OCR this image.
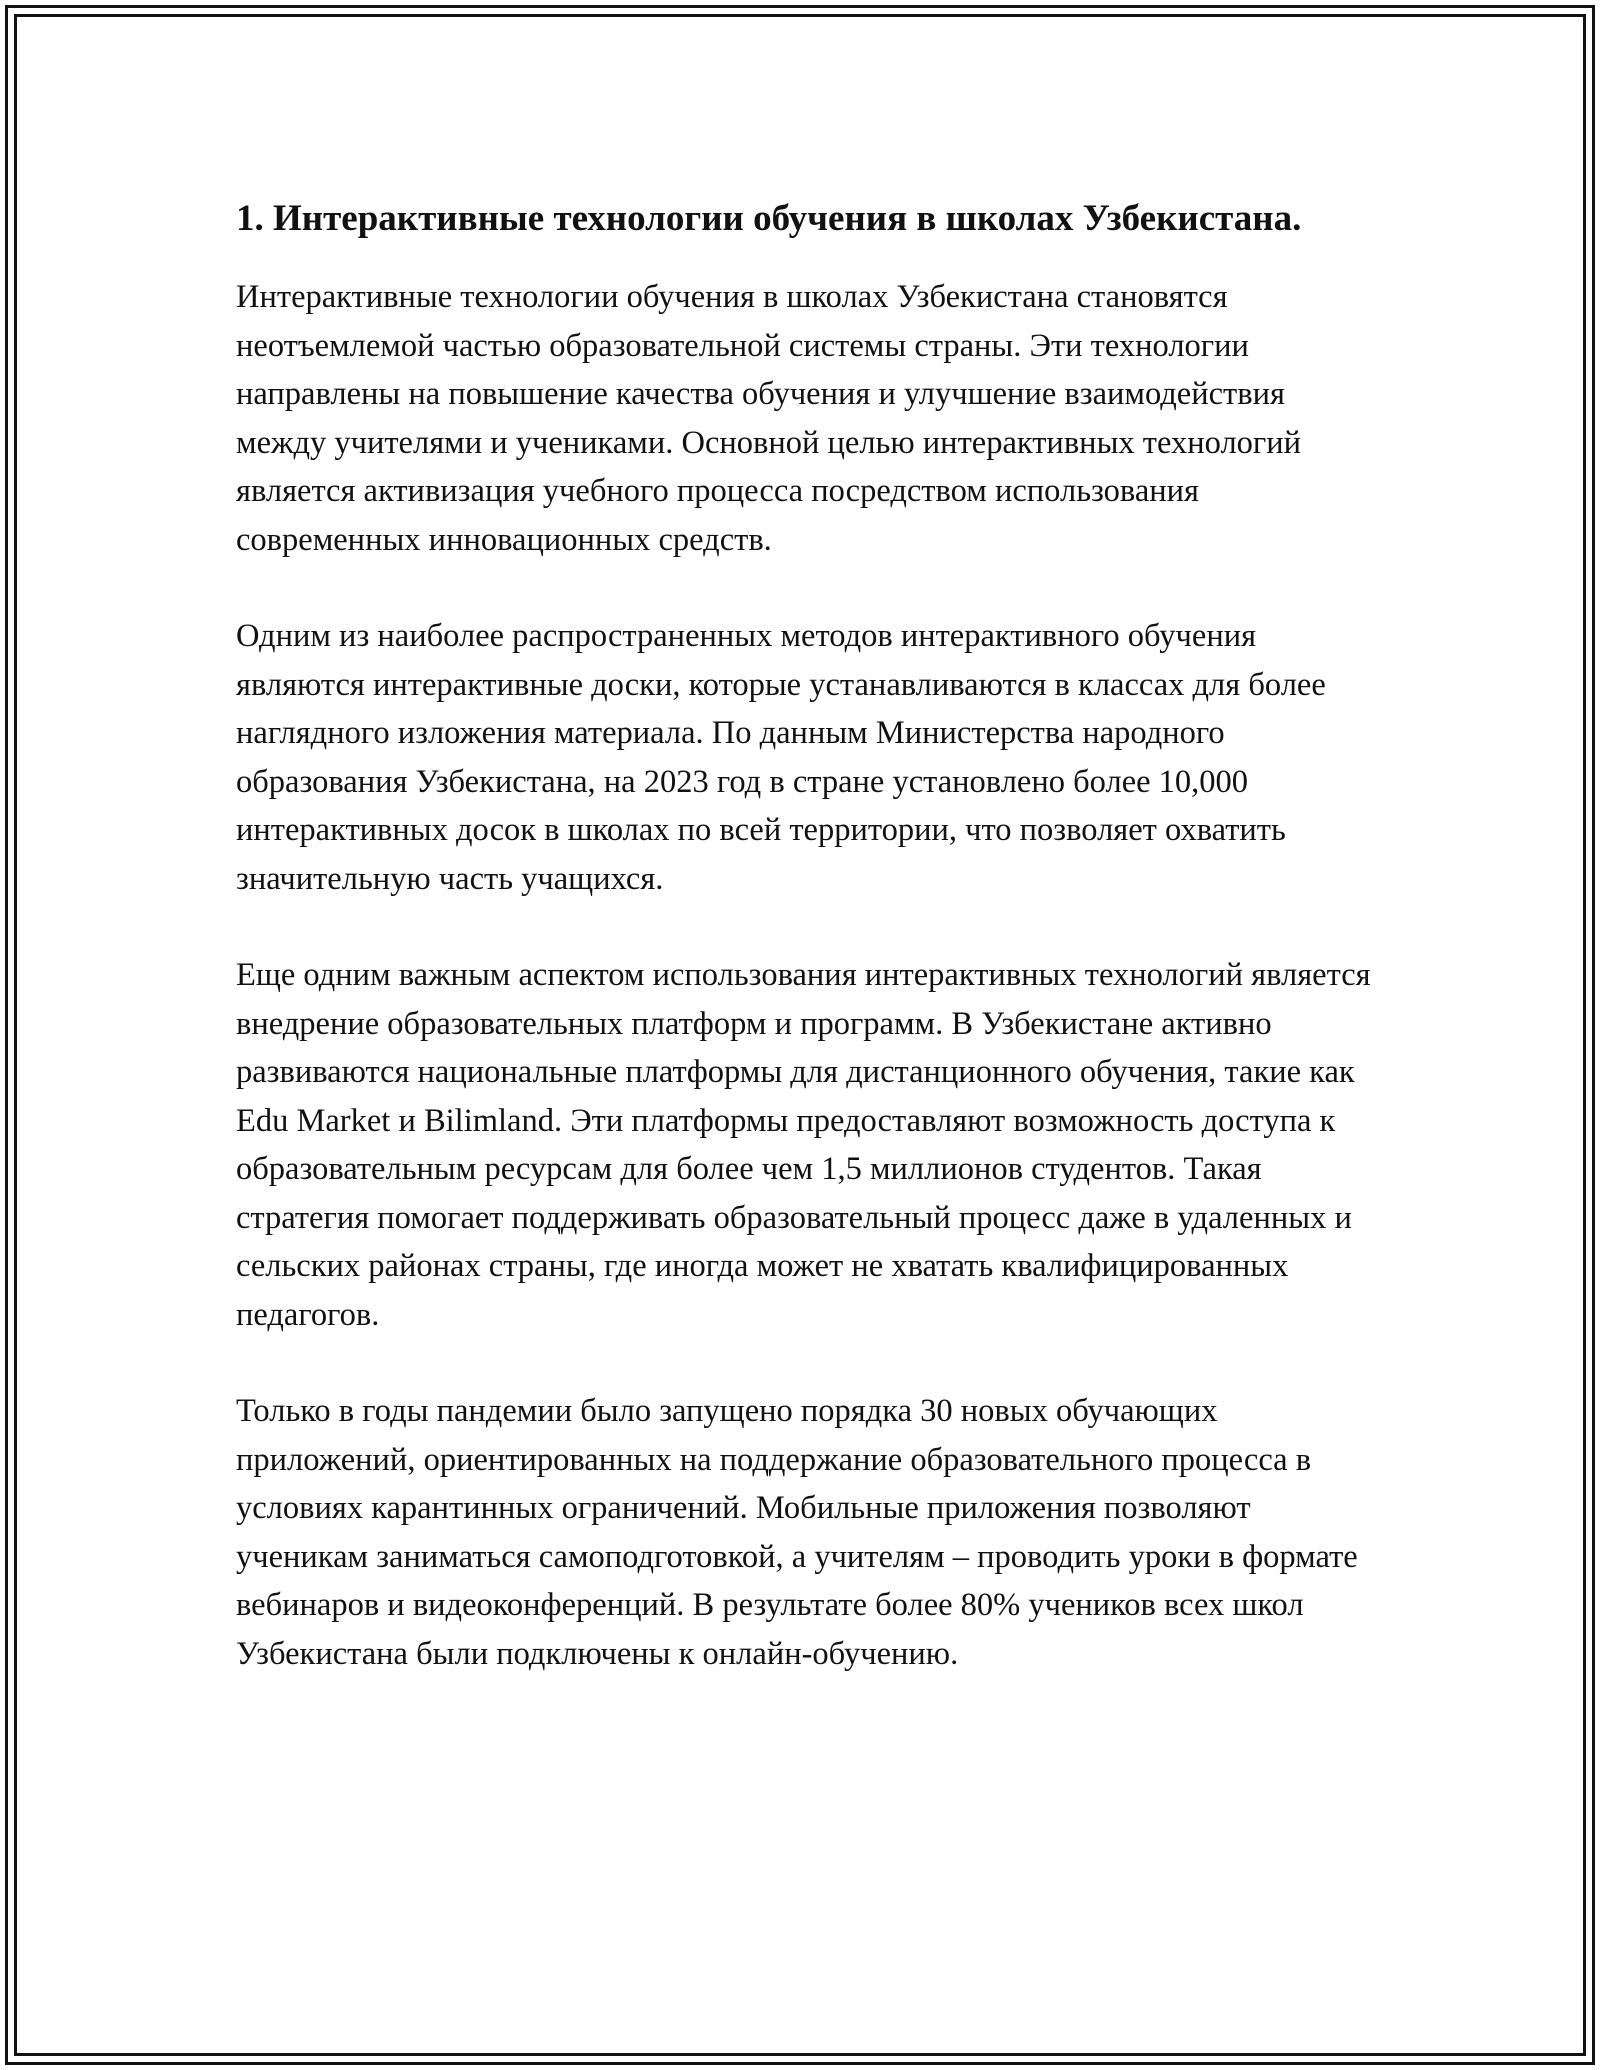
1. Интерактивные технологии обучения в школах Узбекистана.

Интерактивные технологии обучения в школах Узбекистана становятся неотъемлемой частью образовательной системы страны. Эти технологии направлены на повышение качества обучения и улучшение взаимодействия между учителями и учениками. Основной целью интерактивных технологий является активизация учебного процесса посредством использования современных инновационных средств.

Одним из наиболее распространенных методов интерактивного обучения являются интерактивные доски, которые устанавливаются в классах для более наглядного изложения материала. По данным Министерства народного образования Узбекистана, на 2023 год в стране установлено более 10,000 интерактивных досок в школах по всей территории, что позволяет охватить значительную часть учащихся.

Еще одним важным аспектом использования интерактивных технологий является внедрение образовательных платформ и программ. В Узбекистане активно развиваются национальные платформы для дистанционного обучения, такие как Edu Market и Bilimland. Эти платформы предоставляют возможность доступа к образовательным ресурсам для более чем 1,5 миллионов студентов. Такая стратегия помогает поддерживать образовательный процесс даже в удаленных и сельских районах страны, где иногда может не хватать квалифицированных педагогов.

Только в годы пандемии было запущено порядка 30 новых обучающих приложений, ориентированных на поддержание образовательного процесса в условиях карантинных ограничений. Мобильные приложения позволяют ученикам заниматься самоподготовкой, а учителям – проводить уроки в формате вебинаров и видеоконференций. В результате более 80% учеников всех школ Узбекистана были подключены к онлайн-обучению.
